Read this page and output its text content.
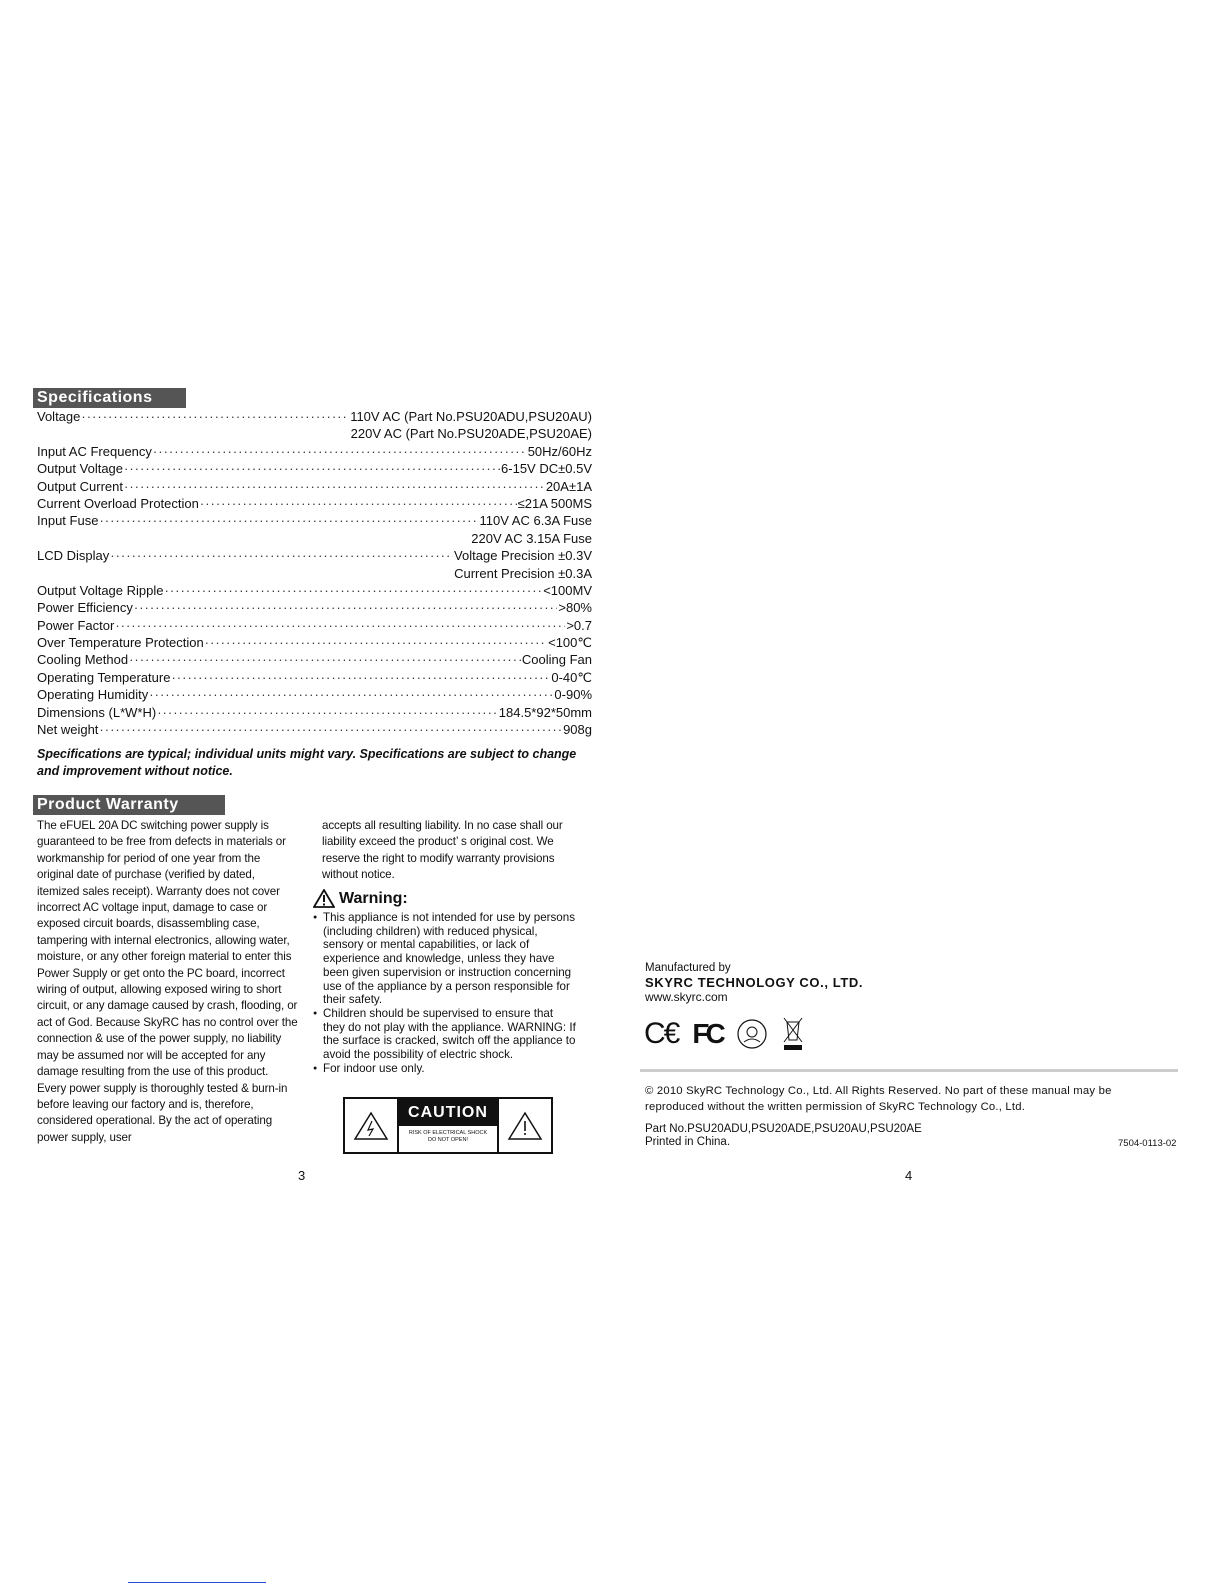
Specifications
Voltage ·····	110V AC (Part No.PSU20ADU,PSU20AU)
220V AC (Part No.PSU20ADE,PSU20AE)
Input AC Frequency ·····	50Hz/60Hz
Output Voltage ·····	6-15V DC±0.5V
Output Current ·····	20A±1A
Current Overload Protection ·····	≤21A 500MS
Input Fuse ·····	110V AC 6.3A Fuse
220V AC 3.15A Fuse
LCD Display ·····	Voltage Precision ±0.3V
Current Precision ±0.3A
Output Voltage Ripple ·····	<100MV
Power Efficiency ·····	>80%
Power Factor ·····	>0.7
Over Temperature Protection ·····	<100℃
Cooling Method ·····	Cooling Fan
Operating Temperature ·····	0-40℃
Operating Humidity ·····	0-90%
Dimensions (L*W*H) ·····	184.5*92*50mm
Net weight ·····	908g
Specifications are typical; individual units might vary. Specifications are subject to change and improvement without notice.
Product Warranty
The eFUEL 20A DC switching power supply is guaranteed to be free from defects in materials or workmanship for period of one year from the original date of purchase (verified by dated, itemized sales receipt). Warranty does not cover incorrect AC voltage input, damage to case or exposed circuit boards, disassembling case, tampering with internal electronics, allowing water, moisture, or any other foreign material to enter this Power Supply or get onto the PC board, incorrect wiring of output, allowing exposed wiring to short circuit, or any damage caused by crash, flooding, or act of God. Because SkyRC has no control over the connection & use of the power supply, no liability may be assumed nor will be accepted for any damage resulting from the use of this product. Every power supply is thoroughly tested & burn-in before leaving our factory and is, therefore, considered operational. By the act of operating power supply, user
accepts all resulting liability. In no case shall our liability exceed the product’ s original cost. We reserve the right to modify warranty provisions without notice.
Warning:
● This appliance is not intended for use by persons (including children) with reduced physical, sensory or mental capabilities, or lack of experience and knowledge, unless they have been given supervision or instruction concerning use of the appliance by a person responsible for their safety.
● Children should be supervised to ensure that they do not play with the appliance. WARNING: If the surface is cracked, switch off the appliance to avoid the possibility of electric shock.
● For indoor use only.
CAUTION
RISK OF ELECTRICAL SHOCK
DO NOT OPEN!
3
Manufactured by
SKYRC TECHNOLOGY CO., LTD.
www.skyrc.com
C€ FC
© 2010 SkyRC Technology Co., Ltd. All Rights Reserved. No part of these manual may be reproduced without the written permission of SkyRC Technology Co., Ltd.
Part No.PSU20ADU,PSU20ADE,PSU20AU,PSU20AE
Printed in China.	7504-0113-02
4
